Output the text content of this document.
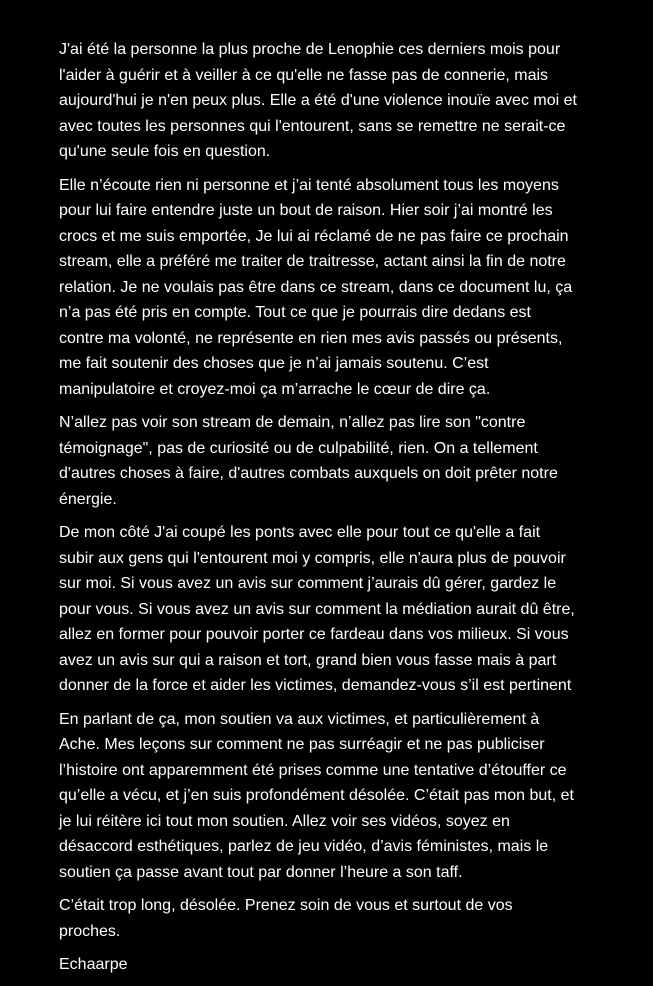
J'ai été la personne la plus proche de Lenophie ces derniers mois pour
l'aider à guérir et à veiller à ce qu'elle ne fasse pas de connerie, mais
aujourd'hui je n'en peux plus. Elle a été d'une violence inouïe avec moi et
avec toutes les personnes qui l'entourent, sans se remettre ne serait-ce
qu'une seule fois en question.

Elle n’écoute rien ni personne et j’ai tenté absolument tous les moyens
pour lui faire entendre juste un bout de raison. Hier soir j’ai montré les
crocs et me suis emportée, Je lui ai réclamé de ne pas faire ce prochain
stream, elle a préféré me traiter de traitresse, actant ainsi la fin de notre
relation. Je ne voulais pas être dans ce stream, dans ce document lu, ça
n’a pas été pris en compte. Tout ce que je pourrais dire dedans est
contre ma volonté, ne représente en rien mes avis passés ou présents,
me fait soutenir des choses que je n’ai jamais soutenu. C’est
manipulatoire et croyez-moi ça m’arrache le cœur de dire ça.

N’allez pas voir son stream de demain, n’allez pas lire son "contre
témoignage", pas de curiosité ou de culpabilité, rien. On a tellement
d'autres choses à faire, d'autres combats auxquels on doit prêter notre
énergie.

De mon côté J'ai coupé les ponts avec elle pour tout ce qu'elle a fait
subir aux gens qui l'entourent moi y compris, elle n'aura plus de pouvoir
sur moi. Si vous avez un avis sur comment j’aurais dû gérer, gardez le
pour vous. Si vous avez un avis sur comment la médiation aurait dû être,
allez en former pour pouvoir porter ce fardeau dans vos milieux. Si vous
avez un avis sur qui a raison et tort, grand bien vous fasse mais à part
donner de la force et aider les victimes, demandez-vous s’il est pertinent

En parlant de ça, mon soutien va aux victimes, et particulièrement à
Ache. Mes leçons sur comment ne pas surréagir et ne pas publiciser
l’histoire ont apparemment été prises comme une tentative d’étouffer ce
qu’elle a vécu, et j’en suis profondément désolée. C’était pas mon but, et
je lui réitère ici tout mon soutien. Allez voir ses vidéos, soyez en
désaccord esthétiques, parlez de jeu vidéo, d’avis féministes, mais le
soutien ça passe avant tout par donner l’heure a son taff.

C’était trop long, désolée. Prenez soin de vous et surtout de vos
proches.

Echaarpe
